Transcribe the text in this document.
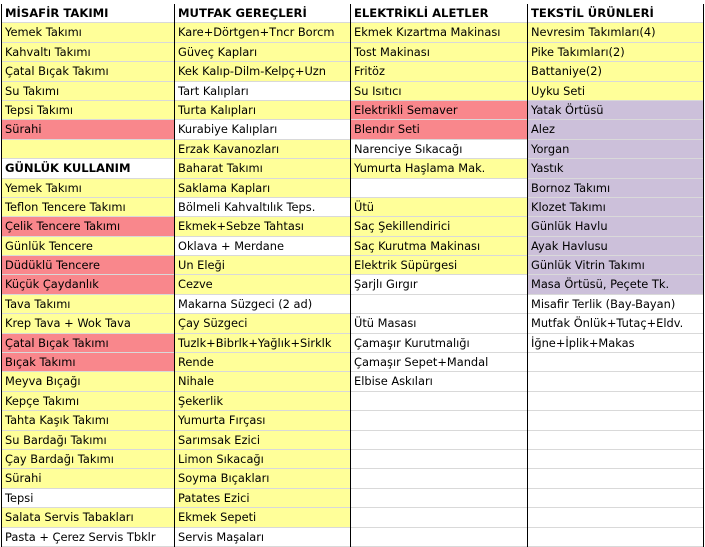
MİSAFİR TAKIMI
Yemek Takımı
Kahvaltı Takımı
Çatal Bıçak Takımı
Su Takımı
Tepsi Takımı
Sürahi
GÜNLÜK KULLANIM
Yemek Takımı
Teflon Tencere Takımı
Çelik Tencere Takımı
Günlük Tencere
Düdüklü Tencere
Küçük Çaydanlık
Tava Takımı
Krep Tava + Wok Tava
Çatal Bıçak Takımı
Bıçak Takımı
Meyva Bıçağı
Kepçe Takımı
Tahta Kaşık Takımı
Su Bardağı Takımı
Çay Bardağı Takımı
Sürahi
Tepsi
Salata Servis Tabakları
Pasta + Çerez Servis Tbklr
MUTFAK GEREÇLERİ
Kare+Dörtgen+Tncr Borcm
Güveç Kapları
Kek Kalıp-Dilm-Kelpç+Uzn
Tart Kalıpları
Turta Kalıpları
Kurabiye Kalıpları
Erzak Kavanozları
Baharat Takımı
Saklama Kapları
Bölmeli Kahvaltılık Teps.
Ekmek+Sebze Tahtası
Oklava + Merdane
Un Eleği
Cezve
Makarna Süzgeci (2 ad)
Çay Süzgeci
Tuzlk+Bibrlk+Yağlık+Sirklk
Rende
Nihale
Şekerlik
Yumurta Fırçası
Sarımsak Ezici
Limon Sıkacağı
Soyma Bıçakları
Patates Ezici
Ekmek Sepeti
Servis Maşaları
ELEKTRİKLİ ALETLER
Ekmek Kızartma Makinası
Tost Makinası
Fritöz
Su Isıtıcı
Elektrikli Semaver
Blendır Seti
Narenciye Sıkacağı
Yumurta Haşlama Mak.
Ütü
Saç Şekillendirici
Saç Kurutma Makinası
Elektrik Süpürgesi
Şarjlı Gırgır
Ütü Masası
Çamaşır Kurutmalığı
Çamaşır Sepet+Mandal
Elbise Askıları
TEKSTİL ÜRÜNLERİ
Nevresim Takımları(4)
Pike Takımları(2)
Battaniye(2)
Uyku Seti
Yatak Örtüsü
Alez
Yorgan
Yastık
Bornoz Takımı
Klozet Takımı
Günlük Havlu
Ayak Havlusu
Günlük Vitrin Takımı
Masa Örtüsü, Peçete Tk.
Misafir Terlik (Bay-Bayan)
Mutfak Önlük+Tutaç+Eldv.
İğne+İplik+Makas
